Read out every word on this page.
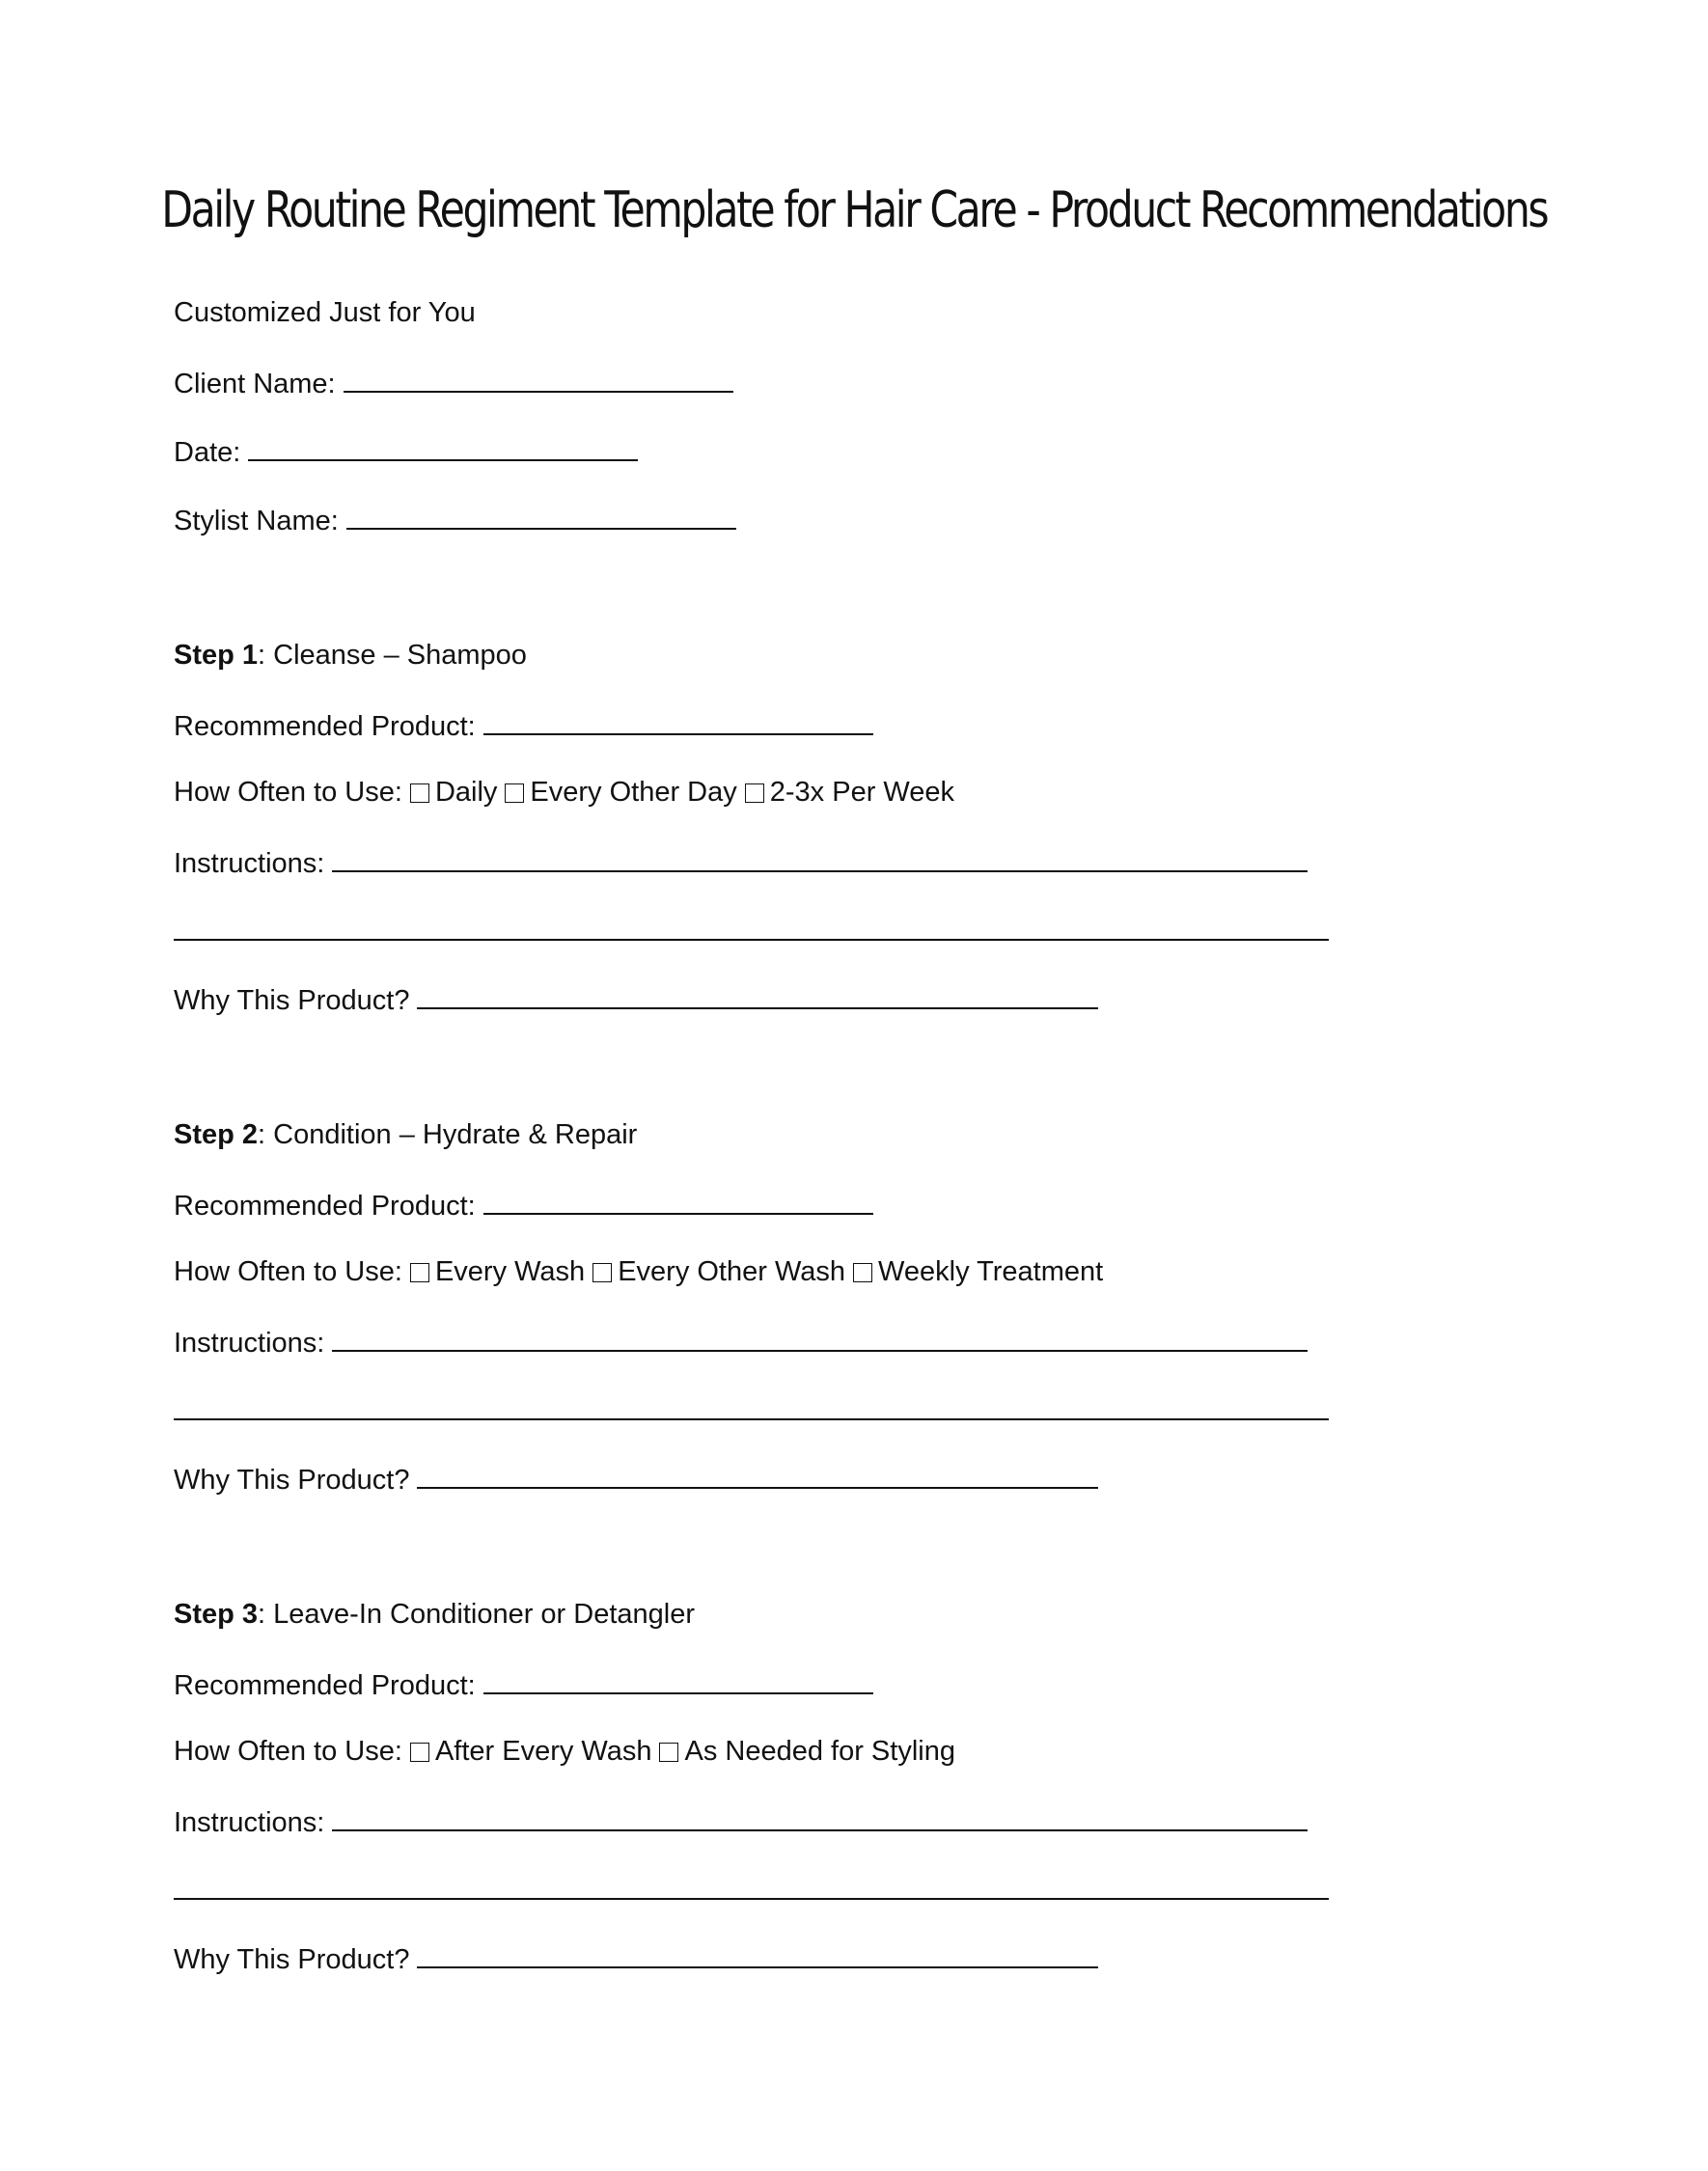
Daily Routine Regiment Template for Hair Care - Product Recommendations
Customized Just for You
Client Name:
Date:
Stylist Name:
Step 1: Cleanse – Shampoo
Recommended Product:
How Often to Use: Daily Every Other Day 2-3x Per Week
Instructions:
Why This Product?
Step 2: Condition – Hydrate & Repair
Recommended Product:
How Often to Use: Every Wash Every Other Wash Weekly Treatment
Instructions:
Why This Product?
Step 3: Leave-In Conditioner or Detangler
Recommended Product:
How Often to Use: After Every Wash As Needed for Styling
Instructions:
Why This Product?
